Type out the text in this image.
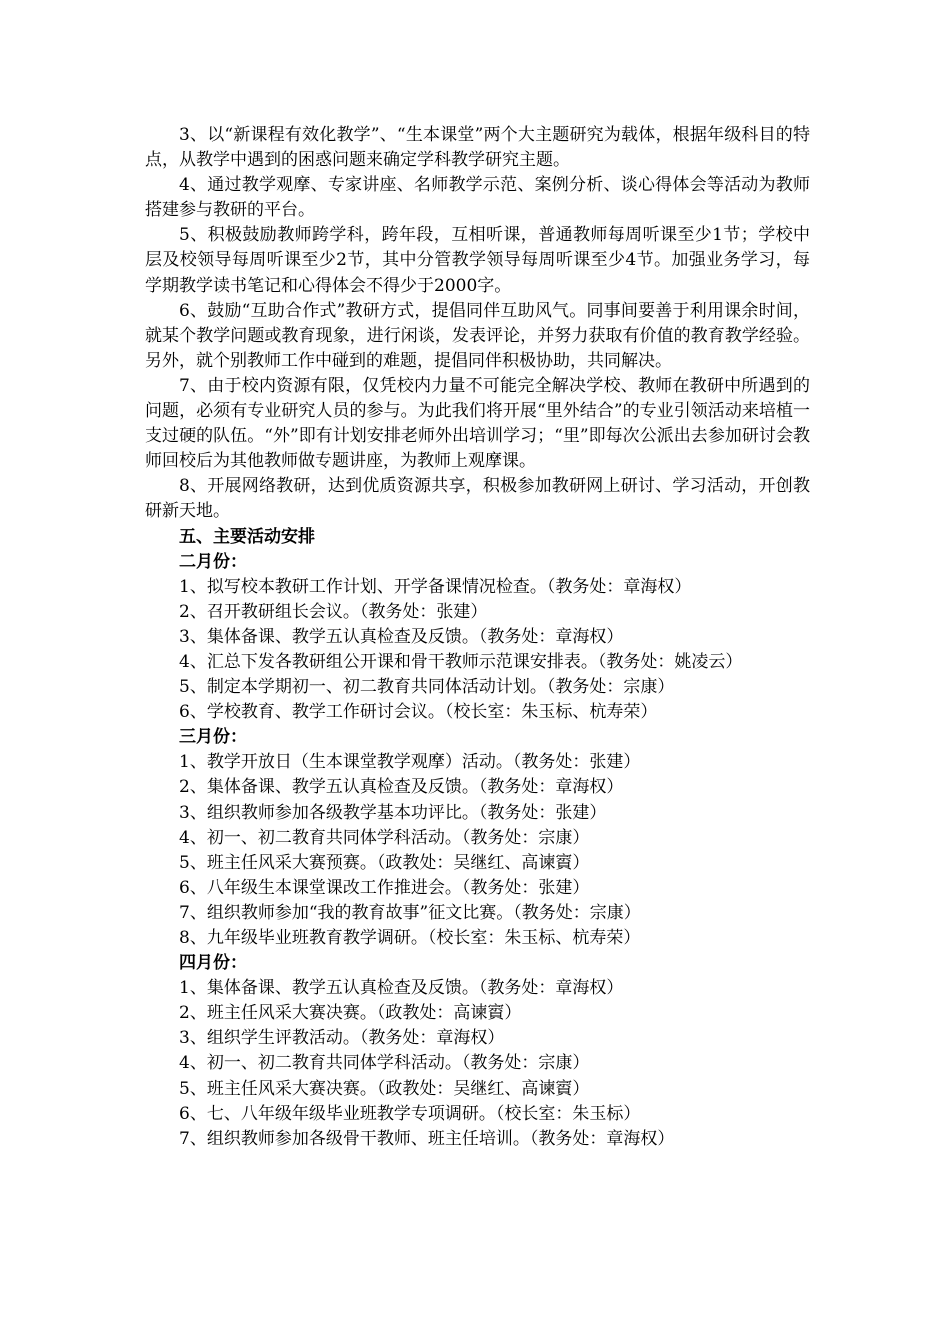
3、以“新课程有效化教学”、“生本课堂”两个大主题研究为载体，根据年级科目的特点，从教学中遇到的困惑问题来确定学科教学研究主题。

4、通过教学观摩、专家讲座、名师教学示范、案例分析、谈心得体会等活动为教师搭建参与教研的平台。

5、积极鼓励教师跨学科，跨年段，互相听课，普通教师每周听课至少1节；学校中层及校领导每周听课至少2节，其中分管教学领导每周听课至少4节。加强业务学习，每学期教学读书笔记和心得体会不得少于2000字。

6、鼓励“互助合作式”教研方式，提倡同伴互助风气。同事间要善于利用课余时间，就某个教学问题或教育现象，进行闲谈，发表评论，并努力获取有价值的教育教学经验。另外，就个别教师工作中碰到的难题，提倡同伴积极协助，共同解决。

7、由于校内资源有限，仅凭校内力量不可能完全解决学校、教师在教研中所遇到的问题，必须有专业研究人员的参与。为此我们将开展“里外结合”的专业引领活动来培植一支过硬的队伍。“外”即有计划安排老师外出培训学习；“里”即每次公派出去参加研讨会教师回校后为其他教师做专题讲座，为教师上观摩课。

8、开展网络教研，达到优质资源共享，积极参加教研网上研讨、学习活动，开创教研新天地。

五、主要活动安排

二月份：

1、拟写校本教研工作计划、开学备课情况检查。（教务处：章海权）

2、召开教研组长会议。（教务处：张建）

3、集体备课、教学五认真检查及反馈。（教务处：章海权）

4、汇总下发各教研组公开课和骨干教师示范课安排表。（教务处：姚凌云）

5、制定本学期初一、初二教育共同体活动计划。（教务处：宗康）

6、学校教育、教学工作研讨会议。（校长室：朱玉标、杭寿荣）

三月份：

1、教学开放日（生本课堂教学观摩）活动。（教务处：张建）

2、集体备课、教学五认真检查及反馈。（教务处：章海权）

3、组织教师参加各级教学基本功评比。（教务处：张建）

4、初一、初二教育共同体学科活动。（教务处：宗康）

5、班主任风采大赛预赛。（政教处：吴继红、高谏賨）

6、八年级生本课堂课改工作推进会。（教务处：张建）

7、组织教师参加“我的教育故事”征文比赛。（教务处：宗康）

8、九年级毕业班教育教学调研。（校长室：朱玉标、杭寿荣）

四月份：

1、集体备课、教学五认真检查及反馈。（教务处：章海权）

2、班主任风采大赛决赛。（政教处：高谏賨）

3、组织学生评教活动。（教务处：章海权）

4、初一、初二教育共同体学科活动。（教务处：宗康）

5、班主任风采大赛决赛。（政教处：吴继红、高谏賨）

6、七、八年级年级毕业班教学专项调研。（校长室：朱玉标）

7、组织教师参加各级骨干教师、班主任培训。（教务处：章海权）
